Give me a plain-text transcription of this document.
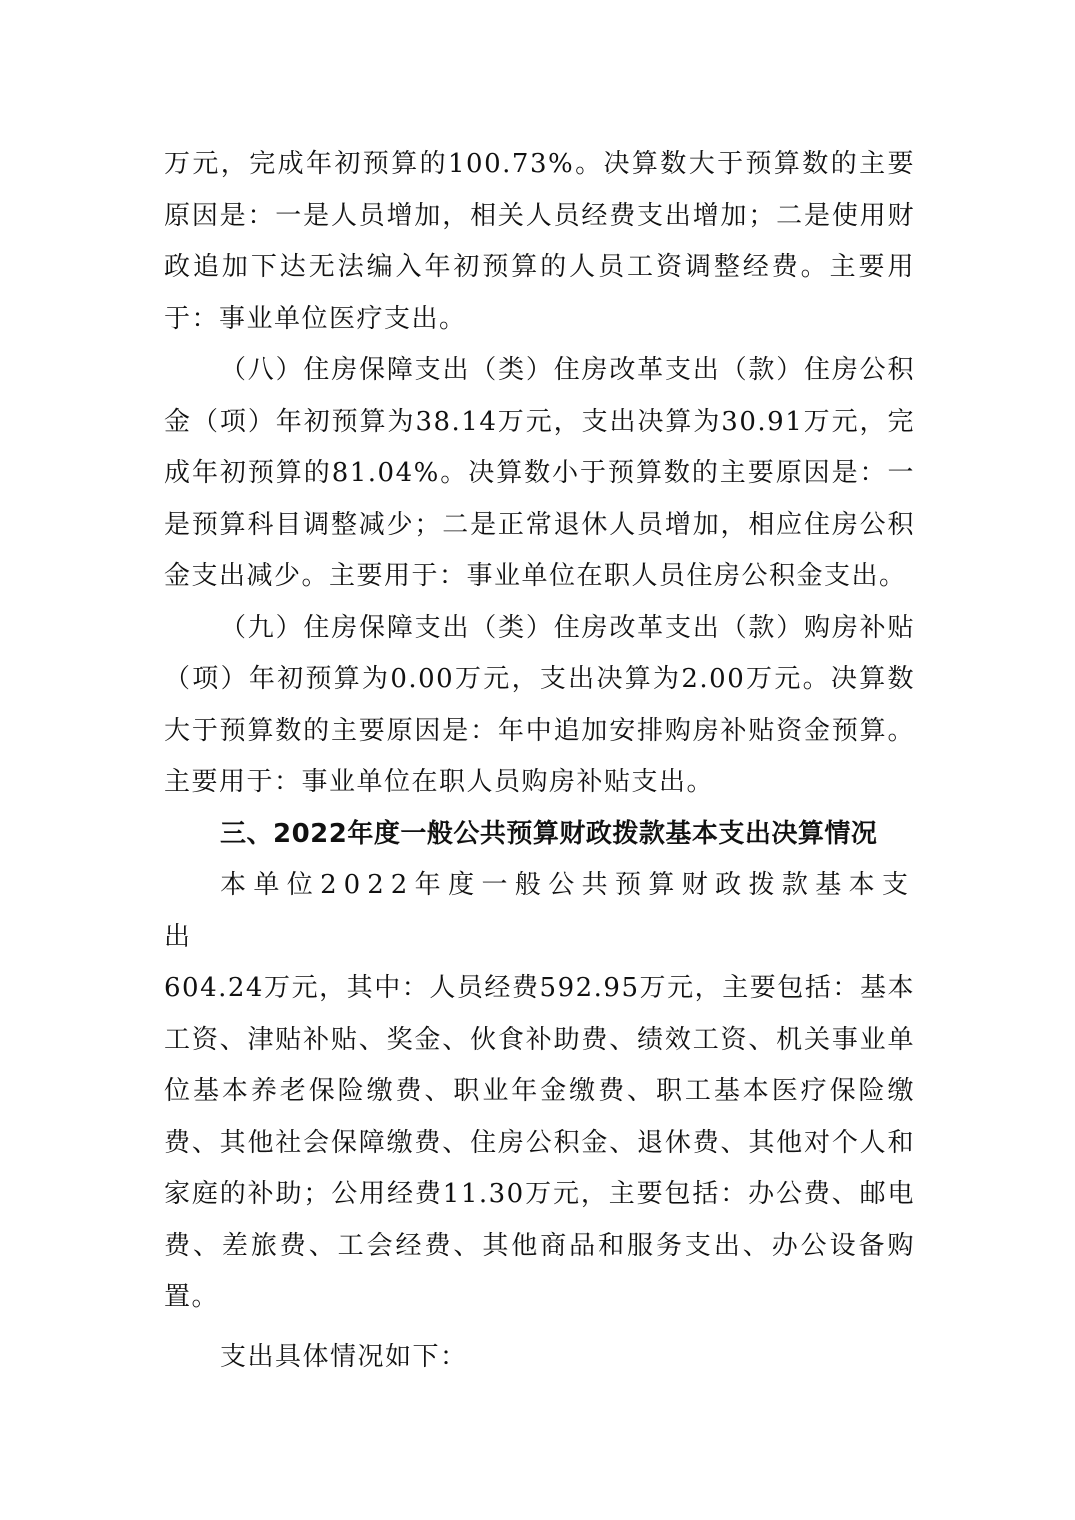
万元，完成年初预算的100.73%。决算数大于预算数的主要原因是：一是人员增加，相关人员经费支出增加；二是使用财政追加下达无法编入年初预算的人员工资调整经费。主要用于：事业单位医疗支出。

（八）住房保障支出（类）住房改革支出（款）住房公积金（项）年初预算为38.14万元，支出决算为30.91万元，完成年初预算的81.04%。决算数小于预算数的主要原因是：一是预算科目调整减少；二是正常退休人员增加，相应住房公积金支出减少。主要用于：事业单位在职人员住房公积金支出。

（九）住房保障支出（类）住房改革支出（款）购房补贴（项）年初预算为0.00万元，支出决算为2.00万元。决算数大于预算数的主要原因是：年中追加安排购房补贴资金预算。主要用于：事业单位在职人员购房补贴支出。

三、2022年度一般公共预算财政拨款基本支出决算情况

本单位2022年度一般公共预算财政拨款基本支出

604.24万元，其中：人员经费592.95万元，主要包括：基本工资、津贴补贴、奖金、伙食补助费、绩效工资、机关事业单位基本养老保险缴费、职业年金缴费、职工基本医疗保险缴费、其他社会保障缴费、住房公积金、退休费、其他对个人和家庭的补助；公用经费11.30万元，主要包括：办公费、邮电费、差旅费、工会经费、其他商品和服务支出、办公设备购置。

支出具体情况如下：
